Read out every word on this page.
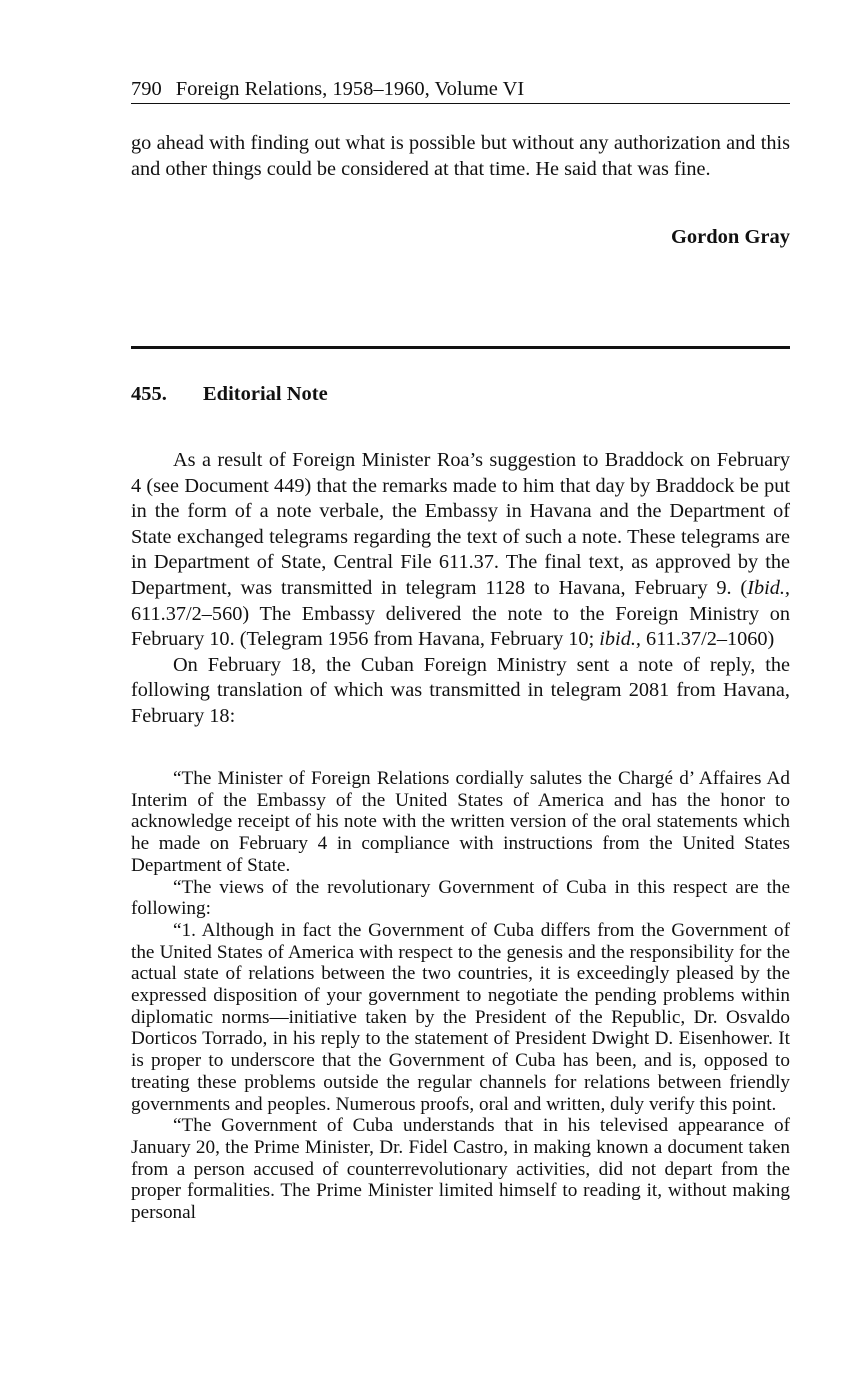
790 Foreign Relations, 1958–1960, Volume VI
go ahead with finding out what is possible but without any authorization and this and other things could be considered at that time. He said that was fine.
Gordon Gray
455. Editorial Note

As a result of Foreign Minister Roa’s suggestion to Braddock on February 4 (see Document 449) that the remarks made to him that day by Braddock be put in the form of a note verbale, the Embassy in Havana and the Department of State exchanged telegrams regarding the text of such a note. These telegrams are in Department of State, Central File 611.37. The final text, as approved by the Department, was transmitted in telegram 1128 to Havana, February 9. (Ibid., 611.37/2–560) The Embassy delivered the note to the Foreign Ministry on February 10. (Telegram 1956 from Havana, February 10; ibid., 611.37/2–1060)

On February 18, the Cuban Foreign Ministry sent a note of reply, the following translation of which was transmitted in telegram 2081 from Havana, February 18:

“The Minister of Foreign Relations cordially salutes the Chargé d’ Affaires Ad Interim of the Embassy of the United States of America and has the honor to acknowledge receipt of his note with the written version of the oral statements which he made on February 4 in compliance with instructions from the United States Department of State.

“The views of the revolutionary Government of Cuba in this respect are the following:

“1. Although in fact the Government of Cuba differs from the Government of the United States of America with respect to the genesis and the responsibility for the actual state of relations between the two countries, it is exceedingly pleased by the expressed disposition of your government to negotiate the pending problems within diplomatic norms—initiative taken by the President of the Republic, Dr. Osvaldo Dorticos Torrado, in his reply to the statement of President Dwight D. Eisenhower. It is proper to underscore that the Government of Cuba has been, and is, opposed to treating these problems outside the regular channels for relations between friendly governments and peoples. Numerous proofs, oral and written, duly verify this point.

“The Government of Cuba understands that in his televised appearance of January 20, the Prime Minister, Dr. Fidel Castro, in making known a document taken from a person accused of counterrevolutionary activities, did not depart from the proper formalities. The Prime Minister limited himself to reading it, without making personal
